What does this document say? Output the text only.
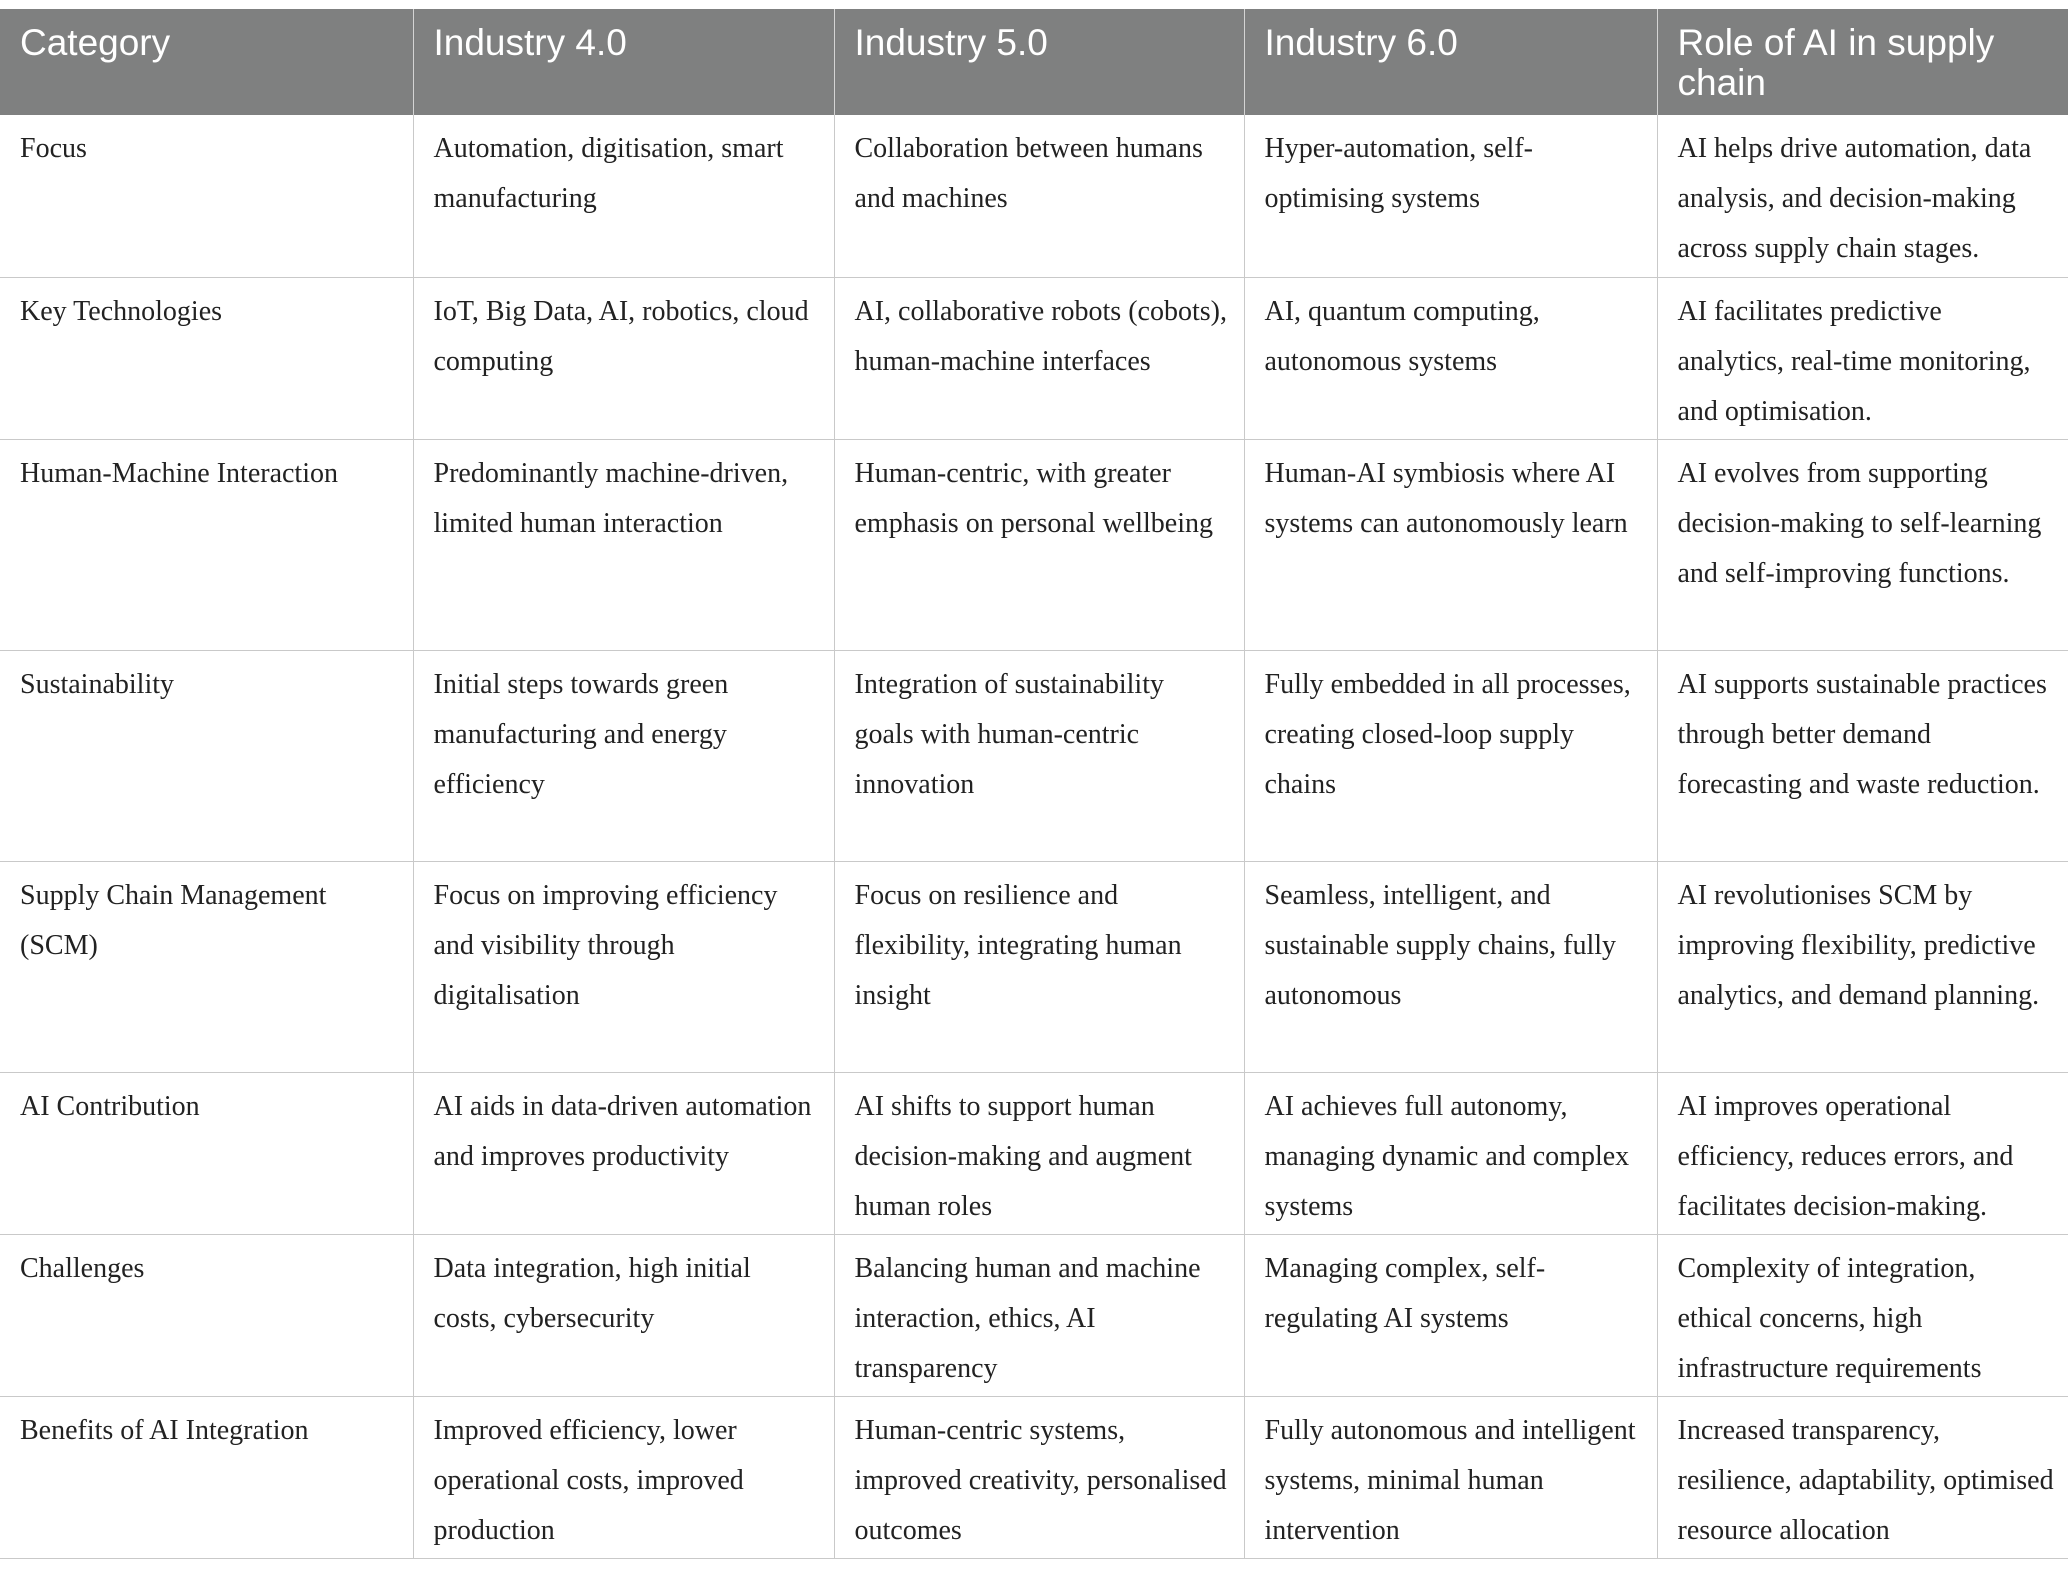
Category	Industry 4.0	Industry 5.0	Industry 6.0	Role of AI in supply chain
Focus	Automation, digitisation, smart manufacturing	Collaboration between humans and machines	Hyper-automation, self-optimising systems	AI helps drive automation, data analysis, and decision-making across supply chain stages.
Key Technologies	IoT, Big Data, AI, robotics, cloud computing	AI, collaborative robots (cobots), human-machine interfaces	AI, quantum computing, autonomous systems	AI facilitates predictive analytics, real-time monitoring, and optimisation.
Human-Machine Interaction	Predominantly machine-driven, limited human interaction	Human-centric, with greater emphasis on personal wellbeing	Human-AI symbiosis where AI systems can autonomously learn	AI evolves from supporting decision-making to self-learning and self-improving functions.
Sustainability	Initial steps towards green manufacturing and energy efficiency	Integration of sustainability goals with human-centric innovation	Fully embedded in all processes, creating closed-loop supply chains	AI supports sustainable practices through better demand forecasting and waste reduction.
Supply Chain Management (SCM)	Focus on improving efficiency and visibility through digitalisation	Focus on resilience and flexibility, integrating human insight	Seamless, intelligent, and sustainable supply chains, fully autonomous	AI revolutionises SCM by improving flexibility, predictive analytics, and demand planning.
AI Contribution	AI aids in data-driven automation and improves productivity	AI shifts to support human decision-making and augment human roles	AI achieves full autonomy, managing dynamic and complex systems	AI improves operational efficiency, reduces errors, and facilitates decision-making.
Challenges	Data integration, high initial costs, cybersecurity	Balancing human and machine interaction, ethics, AI transparency	Managing complex, self-regulating AI systems	Complexity of integration, ethical concerns, high infrastructure requirements
Benefits of AI Integration	Improved efficiency, lower operational costs, improved production	Human-centric systems, improved creativity, personalised outcomes	Fully autonomous and intelligent systems, minimal human intervention	Increased transparency, resilience, adaptability, optimised resource allocation
